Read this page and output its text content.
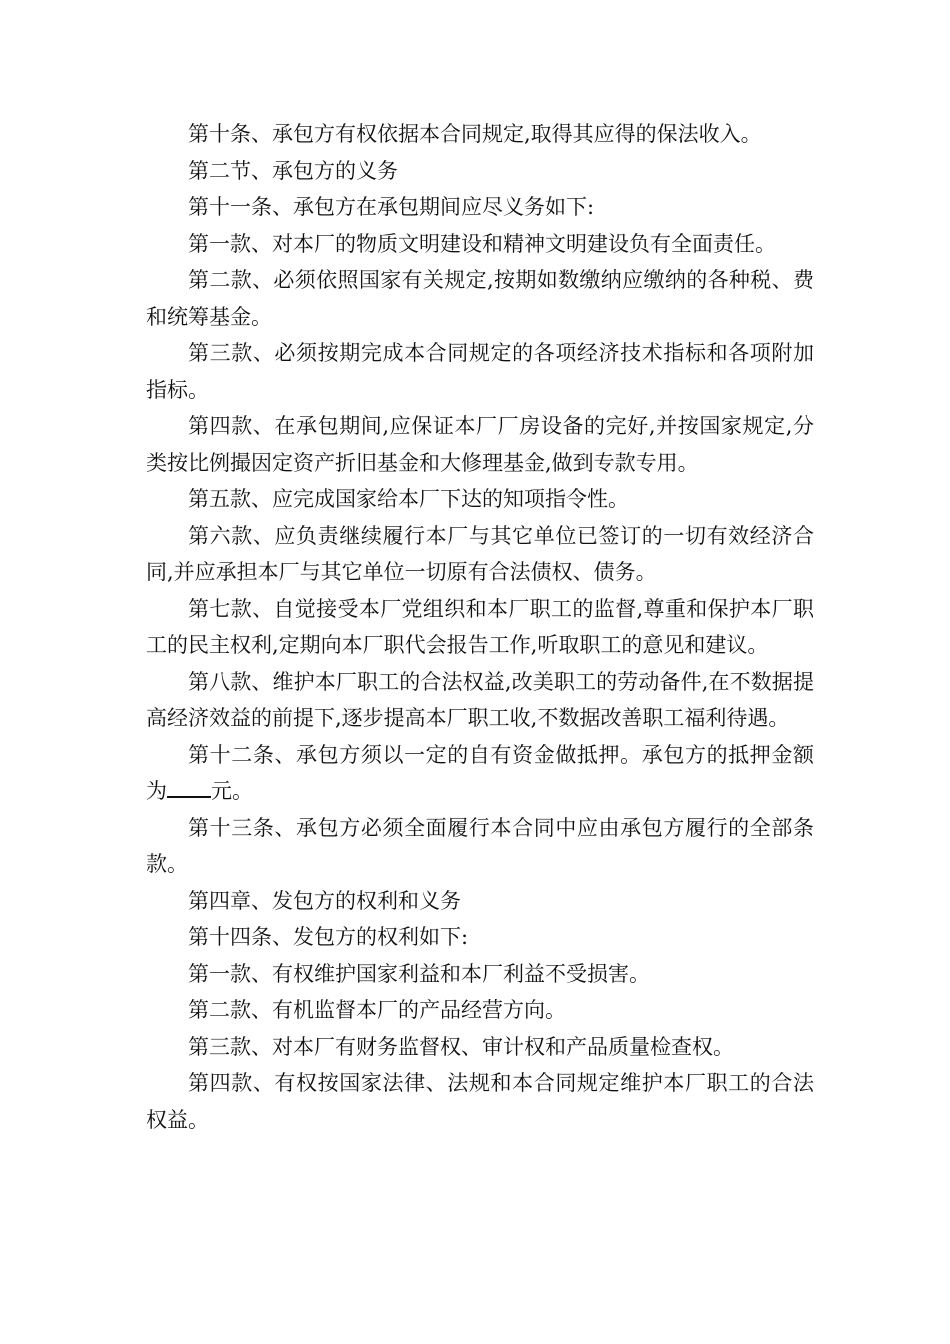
第十条、承包方有权依据本合同规定,取得其应得的保法收入。

第二节、承包方的义务

第十一条、承包方在承包期间应尽义务如下:

第一款、对本厂的物质文明建设和精神文明建设负有全面责任。

第二款、必须依照国家有关规定,按期如数缴纳应缴纳的各种税、费和统筹基金。

第三款、必须按期完成本合同规定的各项经济技术指标和各项附加指标。

第四款、在承包期间,应保证本厂厂房设备的完好,并按国家规定,分类按比例撮因定资产折旧基金和大修理基金,做到专款专用。

第五款、应完成国家给本厂下达的知项指令性。

第六款、应负责继续履行本厂与其它单位已签订的一切有效经济合同,并应承担本厂与其它单位一切原有合法债权、债务。

第七款、自觉接受本厂党组织和本厂职工的监督,尊重和保护本厂职工的民主权利,定期向本厂职代会报告工作,听取职工的意见和建议。

第八款、维护本厂职工的合法权益,改美职工的劳动备件,在不数据提高经济效益的前提下,逐步提高本厂职工收,不数据改善职工福利待遇。

第十二条、承包方须以一定的自有资金做抵押。承包方的抵押金额为 元。

第十三条、承包方必须全面履行本合同中应由承包方履行的全部条款。

第四章、发包方的权利和义务

第十四条、发包方的权利如下:

第一款、有权维护国家利益和本厂利益不受损害。

第二款、有机监督本厂的产品经营方向。

第三款、对本厂有财务监督权、审计权和产品质量检查权。

第四款、有权按国家法律、法规和本合同规定维护本厂职工的合法权益。
